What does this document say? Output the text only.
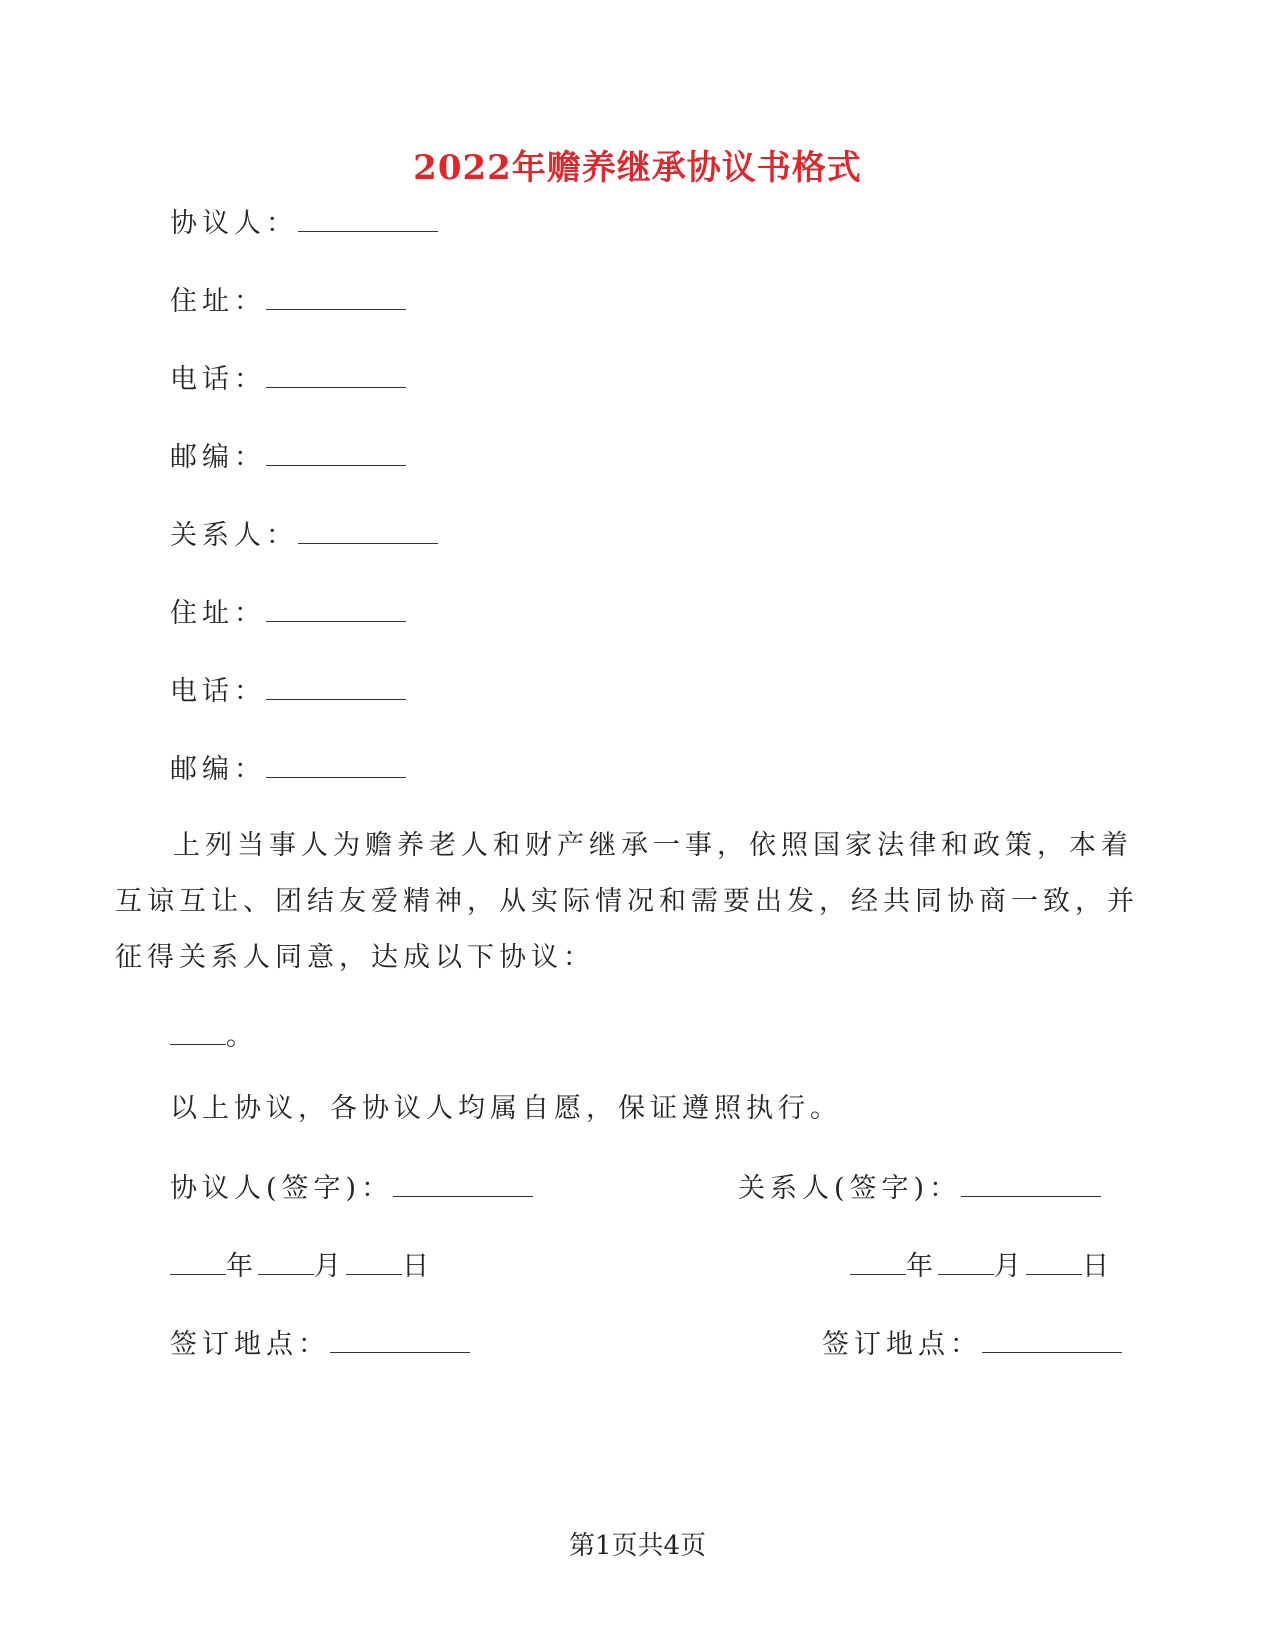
2022年赡养继承协议书格式
协议人：
住址：
电话：
邮编：
关系人：
住址：
电话：
邮编：
上列当事人为赡养老人和财产继承一事，依照国家法律和政策，本着互谅互让、团结友爱精神，从实际情况和需要出发，经共同协商一致，并征得关系人同意，达成以下协议：
。
以上协议，各协议人均属自愿，保证遵照执行。
协议人(签字)：	关系人(签字)：
年 月 日	年 月 日
签订地点：	签订地点：
第1页共4页
